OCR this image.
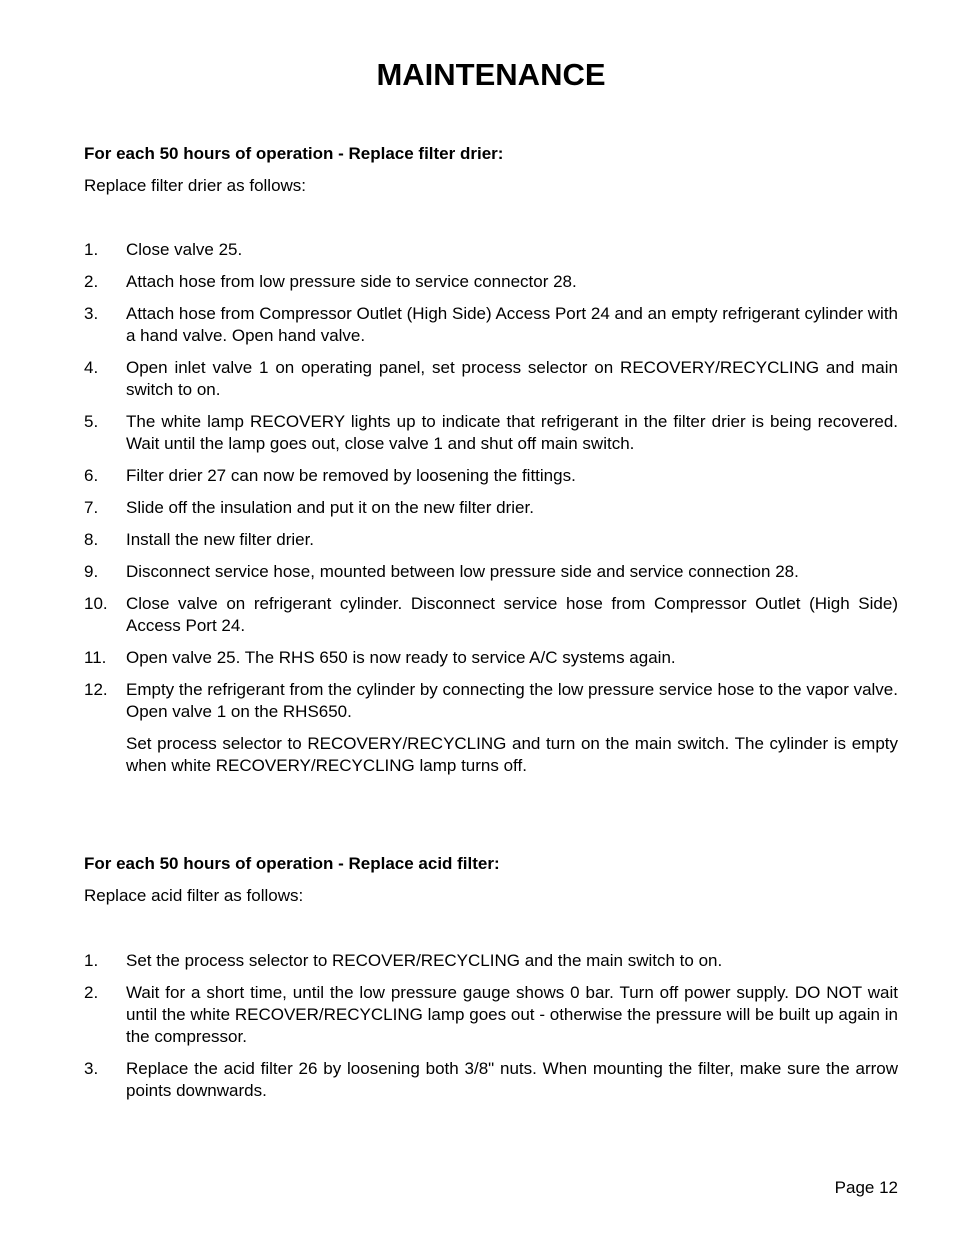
MAINTENANCE

For each 50 hours of operation - Replace filter drier:

Replace filter drier as follows:

1. Close valve 25.
2. Attach hose from low pressure side to service connector 28.
3. Attach hose from Compressor Outlet (High Side) Access Port 24 and an empty refrigerant cylinder with a hand valve. Open hand valve.
4. Open inlet valve 1 on operating panel, set process selector on RECOVERY/RECYCLING and main switch to on.
5. The white lamp RECOVERY lights up to indicate that refrigerant in the filter drier is being recovered. Wait until the lamp goes out, close valve 1 and shut off main switch.
6. Filter drier 27 can now be removed by loosening the fittings.
7. Slide off the insulation and put it on the new filter drier.
8. Install the new filter drier.
9. Disconnect service hose, mounted between low pressure side and service connection 28.
10. Close valve on refrigerant cylinder. Disconnect service hose from Compressor Outlet (High Side) Access Port 24.
11. Open valve 25. The RHS 650 is now ready to service A/C systems again.
12. Empty the refrigerant from the cylinder by connecting the low pressure service hose to the vapor valve. Open valve 1 on the RHS650.
Set process selector to RECOVERY/RECYCLING and turn on the main switch. The cylinder is empty when white RECOVERY/RECYCLING lamp turns off.

For each 50 hours of operation - Replace acid filter:

Replace acid filter as follows:

1. Set the process selector to RECOVER/RECYCLING and the main switch to on.
2. Wait for a short time, until the low pressure gauge shows 0 bar. Turn off power supply. DO NOT wait until the white RECOVER/RECYCLING lamp goes out - otherwise the pressure will be built up again in the compressor.
3. Replace the acid filter 26 by loosening both 3/8" nuts. When mounting the filter, make sure the arrow points downwards.

Page 12
